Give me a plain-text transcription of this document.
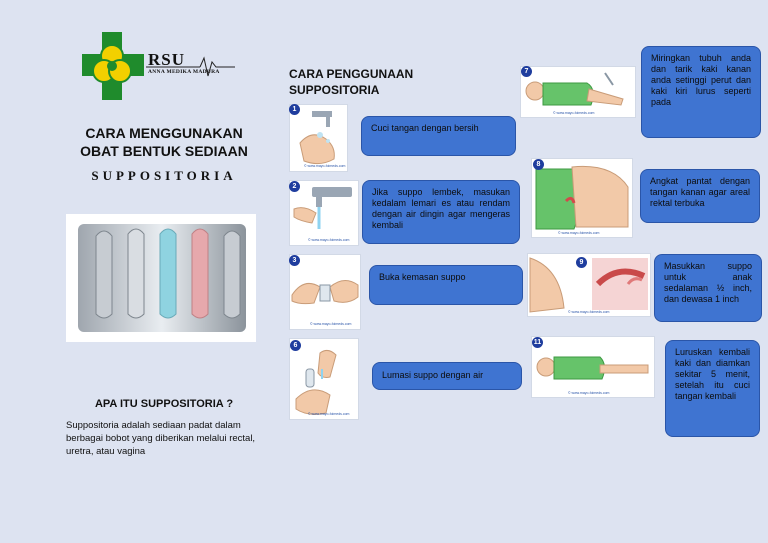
RSU
ANNA MEDIKA MADURA
CARA MENGGUNAKAN
OBAT BENTUK SEDIAAN
SUPPOSITORIA
APA ITU SUPPOSITORIA ?
Suppositoria adalah sediaan padat dalam berbagai bobot yang diberikan melalui rectal, uretra, atau vagina
CARA PENGGUNAAN
SUPPOSITORIA
© www.mayo-foimeds.com
1
Cuci tangan dengan bersih
© www.mayo-foimeds.com
2
Jika suppo lembek, masukan kedalam lemari es atau rendam dengan air dingin agar mengeras kembali
© www.mayo-foimeds.com
3
Buka kemasan suppo
© www.mayo-foimeds.com
6
Lumasi suppo dengan air
© www.mayo-foimeds.com
7
Miringkan tubuh anda dan tarik kaki kanan anda setinggi perut dan kaki kiri lurus seperti pada
© www.mayo-foimeds.com
8
Angkat pantat dengan tangan kanan agar areal rektal terbuka
© www.mayo-foimeds.com
9	Masukkan suppo untuk anak sedalaman ½ inch, dan dewasa 1 inch
© www.mayo-foimeds.com
11
Luruskan kembali kaki dan diamkan sekitar 5 menit, setelah itu cuci tangan kembali
